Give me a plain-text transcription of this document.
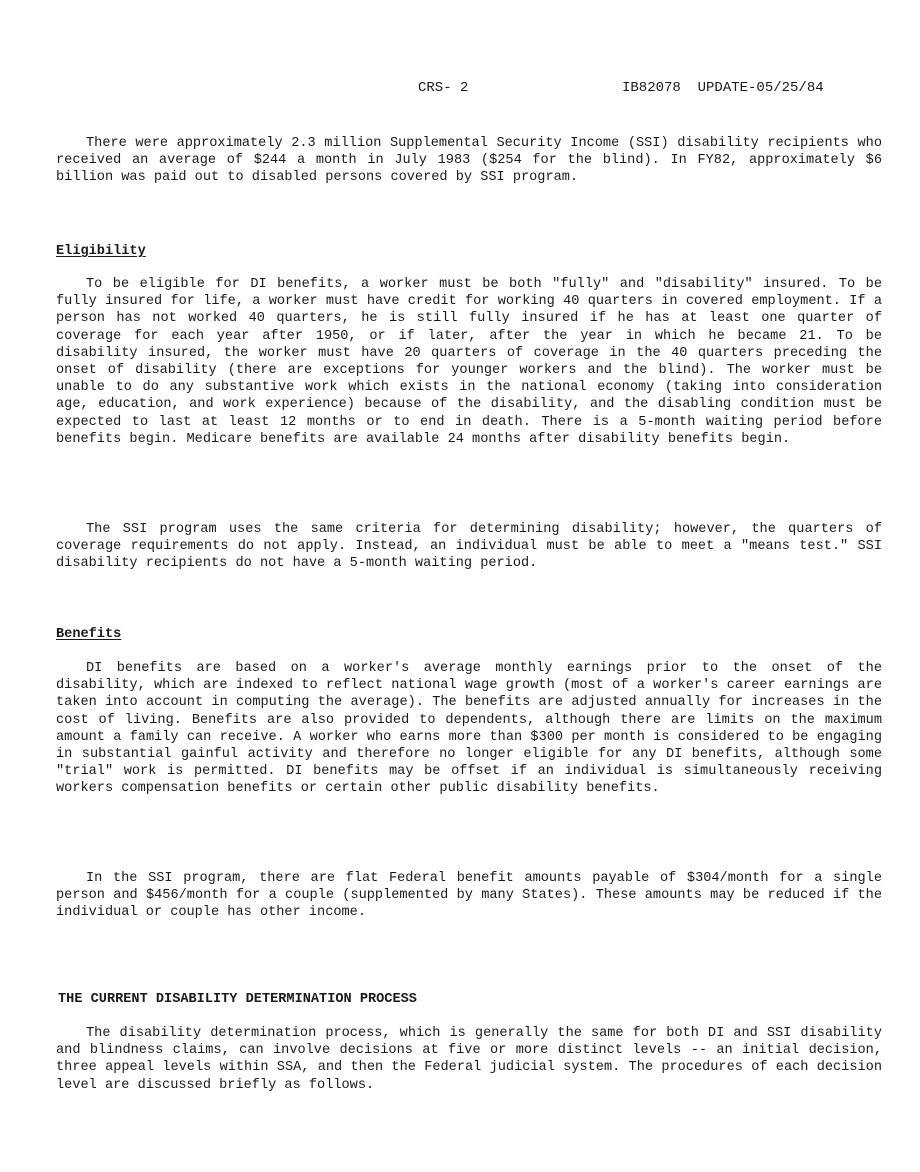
CRS- 2	IB82078  UPDATE-05/25/84

There were approximately 2.3 million Supplemental Security Income (SSI) disability recipients who received an average of $244 a month in July 1983 ($254 for the blind). In FY82, approximately $6 billion was paid out to disabled persons covered by SSI program.

Eligibility

To be eligible for DI benefits, a worker must be both "fully" and "disability" insured. To be fully insured for life, a worker must have credit for working 40 quarters in covered employment. If a person has not worked 40 quarters, he is still fully insured if he has at least one quarter of coverage for each year after 1950, or if later, after the year in which he became 21. To be disability insured, the worker must have 20 quarters of coverage in the 40 quarters preceding the onset of disability (there are exceptions for younger workers and the blind). The worker must be unable to do any substantive work which exists in the national economy (taking into consideration age, education, and work experience) because of the disability, and the disabling condition must be expected to last at least 12 months or to end in death. There is a 5-month waiting period before benefits begin. Medicare benefits are available 24 months after disability benefits begin.

The SSI program uses the same criteria for determining disability; however, the quarters of coverage requirements do not apply. Instead, an individual must be able to meet a "means test." SSI disability recipients do not have a 5-month waiting period.

Benefits

DI benefits are based on a worker's average monthly earnings prior to the onset of the disability, which are indexed to reflect national wage growth (most of a worker's career earnings are taken into account in computing the average). The benefits are adjusted annually for increases in the cost of living. Benefits are also provided to dependents, although there are limits on the maximum amount a family can receive. A worker who earns more than $300 per month is considered to be engaging in substantial gainful activity and therefore no longer eligible for any DI benefits, although some "trial" work is permitted. DI benefits may be offset if an individual is simultaneously receiving workers compensation benefits or certain other public disability benefits.

In the SSI program, there are flat Federal benefit amounts payable of $304/month for a single person and $456/month for a couple (supplemented by many States). These amounts may be reduced if the individual or couple has other income.

THE CURRENT DISABILITY DETERMINATION PROCESS

The disability determination process, which is generally the same for both DI and SSI disability and blindness claims, can involve decisions at five or more distinct levels -- an initial decision, three appeal levels within SSA, and then the Federal judicial system. The procedures of each decision level are discussed briefly as follows.
